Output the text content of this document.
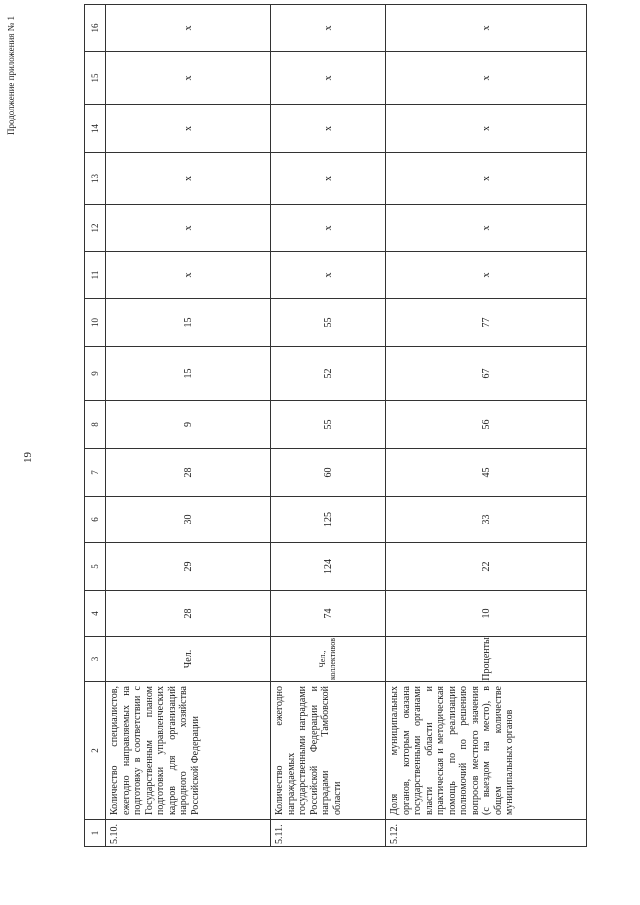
19
Продолжение приложения № 1
1	2	3	4	5	6	7	8	9	10	11	12	13	14	15	16
5.10.	Количество специалистов, ежегодно направляемых на подготовку в соответствии с Государственным планом подготовки управленческих кадров для организаций народного хозяйства Российской Федерации	Чел.	28	29	30	28	9	15	15	x	x	x	x	x	x
5.11.	Количество ежегодно награждаемых государственными наградами Российской Федерации и наградами Тамбовской области	Чел., коллективов	74	124	125	60	55	52	55	x	x	x	x	x	x
5.12.	Доля муниципальных органов, которым оказана государственными органами власти области и практическая и методическая помощь по реализации полномочий по решению вопросов местного значения (с выездом на место), в общем количестве муниципальных органов	Проценты	10	22	33	45	56	67	77	x	x	x	x	x	x
